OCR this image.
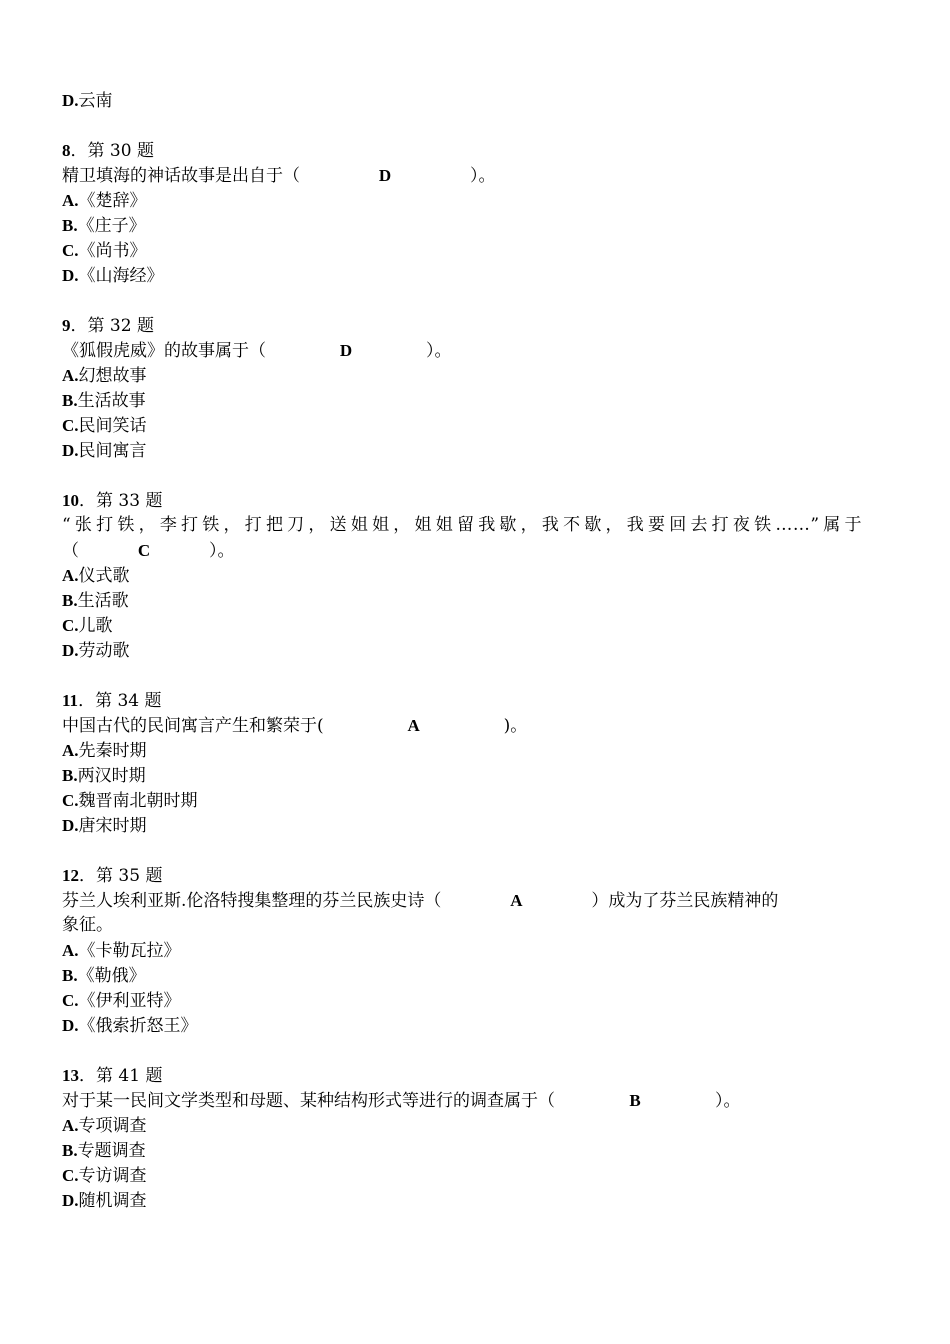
D.云南
8．第 30 题
精卫填海的神话故事是出自于（	D	）。
A.《楚辞》
B.《庄子》
C.《尚书》
D.《山海经》
9．第 32 题
《狐假虎威》的故事属于（	D	）。
A.幻想故事
B.生活故事
C.民间笑话
D.民间寓言
10．第 33 题
“张打铁，李打铁，打把刀，送姐姐，姐姐留我歇，我不歇，我要回去打夜铁……”属于
（	C	）。
A.仪式歌
B.生活歌
C.儿歌
D.劳动歌
11．第 34 题
中国古代的民间寓言产生和繁荣于(	A	)。
A.先秦时期
B.两汉时期
C.魏晋南北朝时期
D.唐宋时期
12．第 35 题
芬兰人埃利亚斯.伦洛特搜集整理的芬兰民族史诗（	A	）成为了芬兰民族精神的
象征。
A.《卡勒瓦拉》
B.《勒俄》
C.《伊利亚特》
D.《俄索折怒王》
13．第 41 题
对于某一民间文学类型和母题、某种结构形式等进行的调查属于（	B	）。
A.专项调查
B.专题调查
C.专访调查
D.随机调查
